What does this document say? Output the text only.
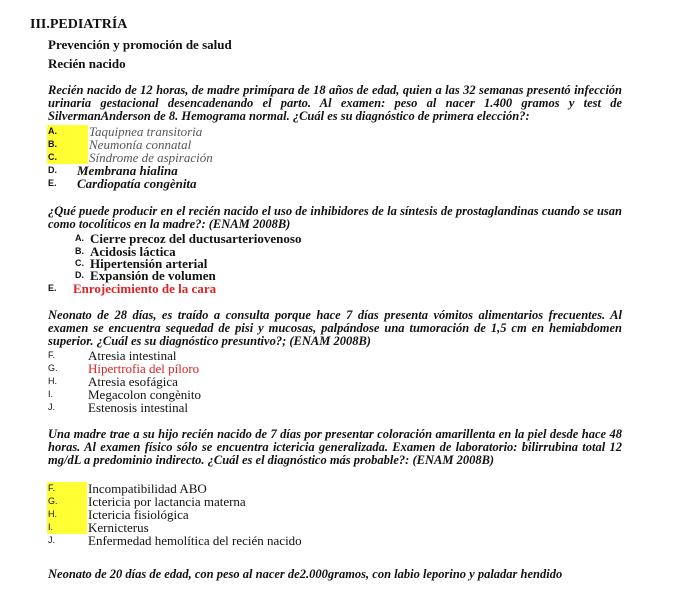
III.PEDIATRÍA
Prevención y promoción de salud
Recién nacido
Recién nacido de 12 horas, de madre primípara de 18 años de edad, quien a las 32 semanas presentó infección urinaria gestacional desencadenando el parto. Al examen: peso al nacer 1.400 gramos y test de SilvermanAnderson de 8. Hemograma normal. ¿Cuál es su diagnóstico de primera elección?:
A. Taquipnea transitoria
B. Neumonía connatal
C. Síndrome de aspiración
D. Membrana hialina
E. Cardiopatía congènita
¿Qué puede producir en el recién nacido el uso de inhibidores de la síntesis de prostaglandinas cuando se usan como tocolíticos en la madre?: (ENAM 2008B)
A. Cierre precoz del ductusarteriovenoso
B. Acidosis láctica
C. Hipertensión arterial
D. Expansión de volumen
E. Enrojecimiento de la cara
Neonato de 28 días, es traído a consulta porque hace 7 días presenta vómitos alimentarios frecuentes. Al examen se encuentra sequedad de pisi y mucosas, palpándose una tumoración de 1,5 cm en hemiabdomen superior. ¿Cuál es su diagnóstico presuntivo?; (ENAM 2008B)
F.	Atresia intestinal
G. Hipertrofia del píloro
H. Atresia esofágica
I.	Megacolon congènito
J.	Estenosis intestinal
Una madre trae a su hijo recién nacido de 7 días por presentar coloración amarillenta en la piel desde hace 48 horas. Al examen físico sólo se encuentra ictericia generalizada. Examen de laboratorio: bilirrubina total 12 mg/dL a predominio indirecto. ¿Cuál es el diagnóstico más probable?: (ENAM 2008B)
F.	Incompatibilidad ABO
G. Ictericia por lactancia materna
H. Ictericia fisiológica
I.	Kernicterus
J.	Enfermedad hemolítica del recién nacido
Neonato de 20 días de edad, con peso al nacer de2.000gramos, con labio leporino y paladar hendido
